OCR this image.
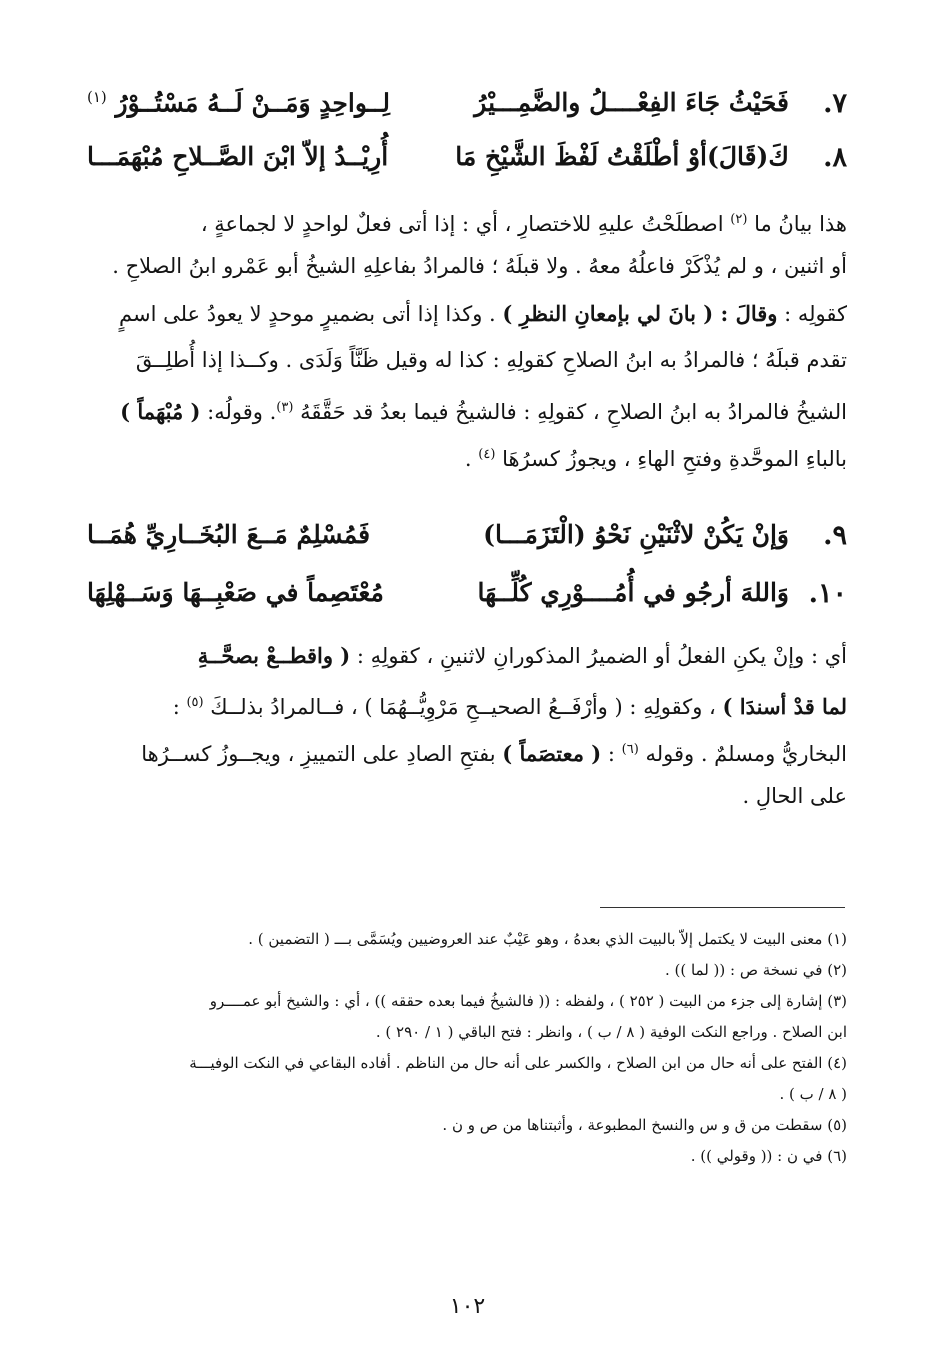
٧.
فَحَيْثُ جَاءَ الفِعْــــلُ والضَّمِـــيْرُ
لِــواحِدٍ وَمَــنْ لَــهُ مَسْتُــوْرُ $^{(١)}$
٨.
كَ(قَالَ)أوْ أطْلَقْتُ لَفْظَ الشَّيْخِ مَا
أُرِيْــدُ إلاّ ابْنَ الصَّــلاحِ مُبْهَمَـــا
هذا بيانُ ما $^{(٢)}$ اصطلَحْتُ عليهِ للاختصارِ ، أي : إذا أتى فعلٌ لواحدٍ لا لجماعةٍ ،
أو اثنين ، و لم يُذْكَرْ فاعلُهُ معهُ . ولا قبلَهُ ؛ فالمرادُ بفاعلِهِ الشيخُ أبو عَمْرو ابنُ الصلاحِ .
كقولِه : وقالَ : ( بانَ لي بإمعانِ النظرِ ) . وكذا إذا أتى بضميرٍ موحدٍ لا يعودُ على اسمٍ
تقدم قبلَهُ ؛ فالمرادُ به ابنُ الصلاحِ كقولِهِ : كذا له وقيل ظَنَّاً وَلَدَى . وكــذا إذا أُطلِــقَ
الشيخُ فالمرادُ به ابنُ الصلاحِ ، كقولِهِ : فالشيخُ فيما بعدُ قد حَقَّقَهُ $^{(٣)}$. وقولُه: ( مُبْهَماً )
بالباءِ الموحَّدةِ وفتحِ الهاءِ ، ويجوزُ كسرُهَا $^{(٤)}$ .
٩.
وَإنْ يَكُنْ لاثْنَيْنِ نَحْوُ (الْتَزَمَـــا)
فَمُسْلِمٌ مَــعَ البُخَــارِيِّ هُمَــا
١٠.
وَاللهَ أرجُو في أُمُــــوْرِي كُلِّــهَا
مُعْتَصِماً في صَعْبِــهَا وَسَــهْلِهَا
أي : وإنْ يكنِ الفعلُ أو الضميرُ المذكورانِ لاثنينِ ، كقولِهِ : ( واقطــعْ بصحَّــةِ
لما قدْ أسندَا ) ، وكقولِهِ : ( وأرْفَــعُ الصحيــحِ مَرْوِيُّــهُمَا ) ، فــالمرادُ بذلــكَ $^{(٥)}$ :
البخاريُّ ومسلمٌ . وقوله $^{(٦)}$ : ( معتصَماً ) بفتحِ الصادِ على التمييزِ ، ويجــوزُ كســرُها
على الحالِ .
(١) معنى البيت لا يكتمل إلاّ بالبيت الذي بعدهُ ، وهو عَيْبٌ عند العروضيين ويُسَمَّى بـــ ( التضمين ) .
(٢) في نسخة ص : (( لما )) .
(٣) إشارة إلى جزء من البيت ( ٢٥٢ ) ، ولفظه : (( فالشيخُ فيما بعده حققه )) ، أي : والشيخ أبو عمــــرو
ابن الصلاح . وراجع النكت الوفية ( ٨ / ب ) ، وانظر : فتح الباقي ( ١ / ٢٩٠ ) .
(٤) الفتح على أنه حال من ابن الصلاح ، والكسر على أنه حال من الناظم . أفاده البقاعي في النكت الوفيـــة
( ٨ / ب ) .
(٥) سقطت من ق و س والنسخ المطبوعة ، وأثبتناها من ص و ن .
(٦) في ن : (( وقولي )) .
١٠٢
